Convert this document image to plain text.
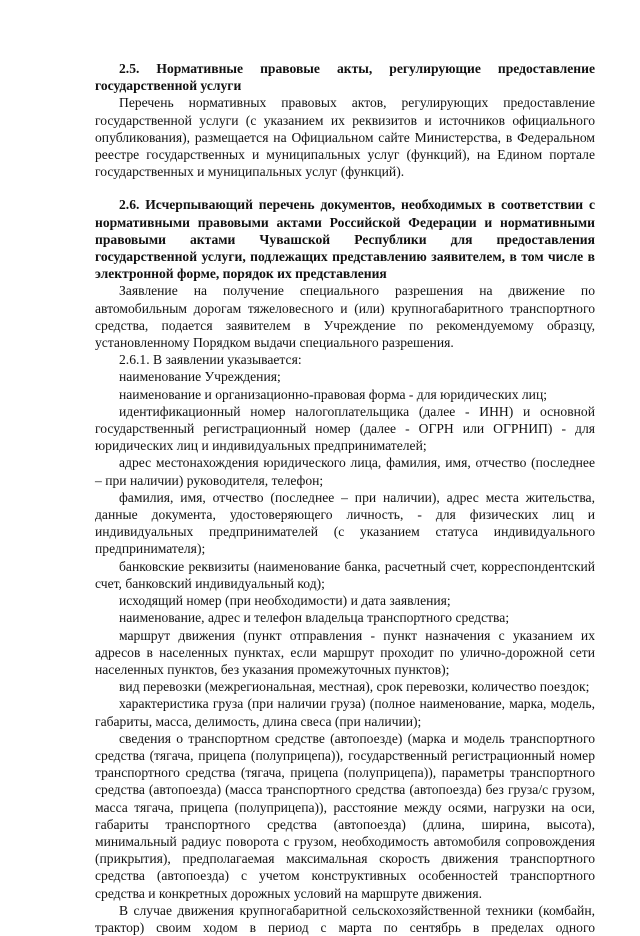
2.5. Нормативные правовые акты, регулирующие предоставление государственной услуги

Перечень нормативных правовых актов, регулирующих предоставление государственной услуги (с указанием их реквизитов и источников официального опубликования), размещается на Официальном сайте Министерства, в Федеральном реестре государственных и муниципальных услуг (функций), на Едином портале государственных и муниципальных услуг (функций).

2.6. Исчерпывающий перечень документов, необходимых в соответствии с нормативными правовыми актами Российской Федерации и нормативными правовыми актами Чувашской Республики для предоставления государственной услуги, подлежащих представлению заявителем, в том числе в электронной форме, порядок их представления

Заявление на получение специального разрешения на движение по автомобильным дорогам тяжеловесного и (или) крупногабаритного транспортного средства, подается заявителем в Учреждение по рекомендуемому образцу, установленному Порядком выдачи специального разрешения.

2.6.1. В заявлении указывается:

наименование Учреждения;

наименование и организационно-правовая форма - для юридических лиц;

идентификационный номер налогоплательщика (далее - ИНН) и основной государственный регистрационный номер (далее - ОГРН или ОГРНИП) - для юридических лиц и индивидуальных предпринимателей;

адрес местонахождения юридического лица, фамилия, имя, отчество (последнее – при наличии) руководителя, телефон;

фамилия, имя, отчество (последнее – при наличии), адрес места жительства, данные документа, удостоверяющего личность, - для физических лиц и индивидуальных предпринимателей (с указанием статуса индивидуального предпринимателя);

банковские реквизиты (наименование банка, расчетный счет, корреспондентский счет, банковский индивидуальный код);

исходящий номер (при необходимости) и дата заявления;

наименование, адрес и телефон владельца транспортного средства;

маршрут движения (пункт отправления - пункт назначения с указанием их адресов в населенных пунктах, если маршрут проходит по улично-дорожной сети населенных пунктов, без указания промежуточных пунктов);

вид перевозки (межрегиональная, местная), срок перевозки, количество поездок;

характеристика груза (при наличии груза) (полное наименование, марка, модель, габариты, масса, делимость, длина свеса (при наличии);

сведения о транспортном средстве (автопоезде) (марка и модель транспортного средства (тягача, прицепа (полуприцепа)), государственный регистрационный номер транспортного средства (тягача, прицепа (полуприцепа)), параметры транспортного средства (автопоезда) (масса транспортного средства (автопоезда) без груза/с грузом, масса тягача, прицепа (полуприцепа)), расстояние между осями, нагрузки на оси, габариты транспортного средства (автопоезда) (длина, ширина, высота), минимальный радиус поворота с грузом, необходимость автомобиля сопровождения (прикрытия), предполагаемая максимальная скорость движения транспортного средства (автопоезда) с учетом конструктивных особенностей транспортного средства и конкретных дорожных условий на маршруте движения.

В случае движения крупногабаритной сельскохозяйственной техники (комбайн, трактор) своим ходом в период с марта по сентябрь в пределах одного
